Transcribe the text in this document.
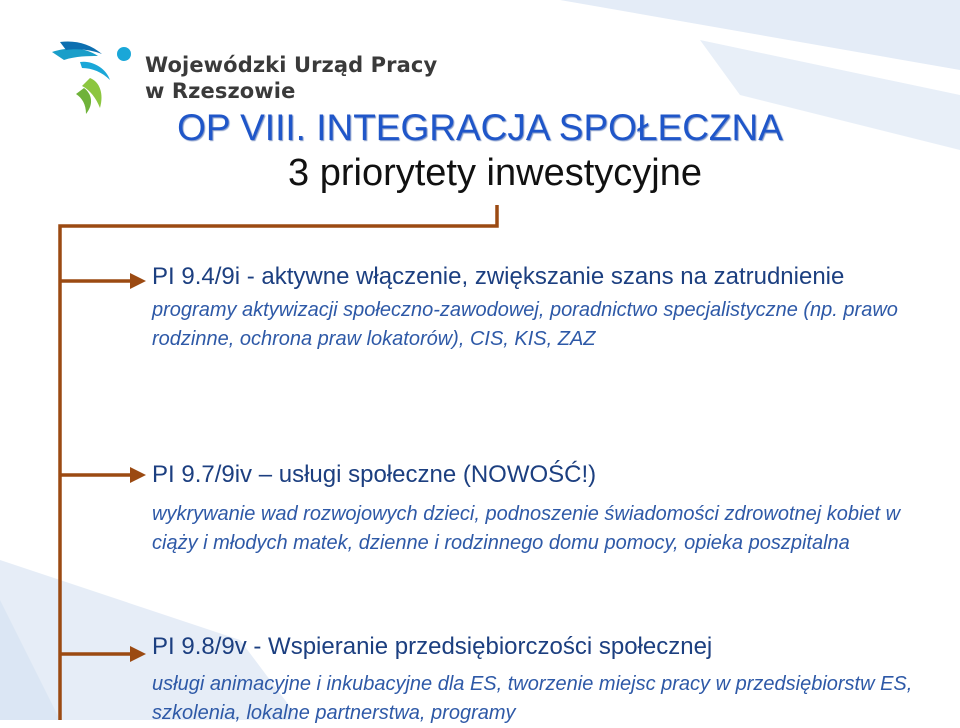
Wojewódzki Urząd Pracy
w Rzeszowie
OP VIII. INTEGRACJA SPOŁECZNA
3 priorytety inwestycyjne
PI 9.4/9i - aktywne włączenie, zwiększanie szans na zatrudnienie
programy aktywizacji społeczno-zawodowej, poradnictwo specjalistyczne (np. prawo rodzinne, ochrona praw lokatorów), CIS, KIS, ZAZ
PI 9.7/9iv – usługi społeczne (NOWOŚĆ!)
wykrywanie wad rozwojowych dzieci, podnoszenie świadomości zdrowotnej kobiet w ciąży i młodych matek, dzienne i rodzinnego domu pomocy, opieka poszpitalna
PI 9.8/9v - Wspieranie przedsiębiorczości społecznej
usługi animacyjne i inkubacyjne dla ES, tworzenie miejsc pracy w przedsiębiorstw ES, szkolenia, lokalne partnerstwa, programy
